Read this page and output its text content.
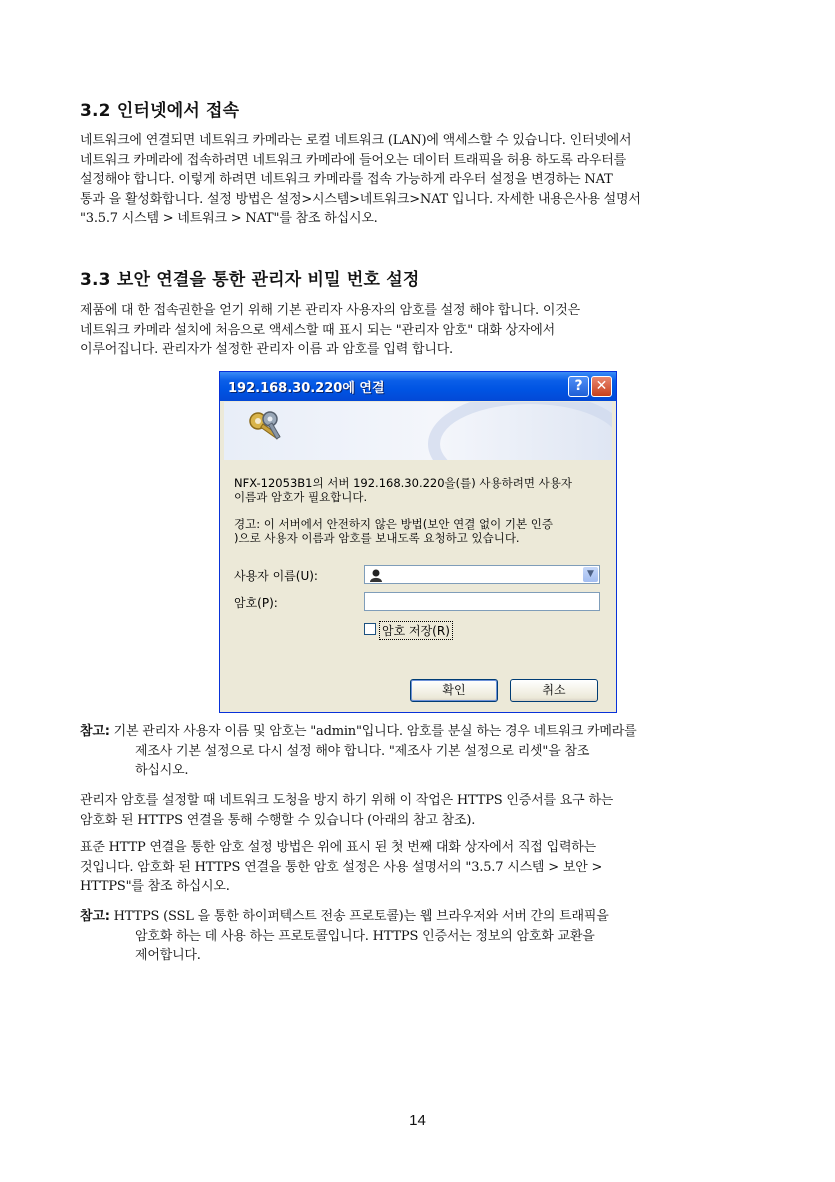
3.2 인터넷에서 접속
네트워크에 연결되면 네트워크 카메라는 로컬 네트워크 (LAN)에 액세스할 수 있습니다. 인터넷에서
네트워크 카메라에 접속하려면 네트워크 카메라에 들어오는 데이터 트래픽을 허용 하도록 라우터를
설정해야 합니다. 이렇게 하려면 네트워크 카메라를 접속 가능하게 라우터 설정을 변경하는 NAT
통과 을 활성화합니다. 설정 방법은 설정>시스템>네트워크>NAT 입니다. 자세한 내용은사용 설명서
"3.5.7 시스템 > 네트워크 > NAT"를 참조 하십시오.
3.3 보안 연결을 통한 관리자 비밀 번호 설정
제품에 대 한 접속권한을 얻기 위해 기본 관리자 사용자의 암호를 설정 해야 합니다. 이것은
네트워크 카메라 설치에 처음으로 액세스할 때 표시 되는 "관리자 암호" 대화 상자에서
이루어집니다. 관리자가 설정한 관리자 이름 과 암호를 입력 합니다.
192.168.30.220에 연결	? ✕
NFX-12053B1의 서버 192.168.30.220을(를) 사용하려면 사용자
이름과 암호가 필요합니다.
경고: 이 서버에서 안전하지 않은 방법(보안 연결 없이 기본 인증
)으로 사용자 이름과 암호를 보내도록 요청하고 있습니다.
사용자 이름(U):	▼
암호(P):
암호 저장(R)
확인	취소
참고: 기본 관리자 사용자 이름 및 암호는 "admin"입니다. 암호를 분실 하는 경우 네트워크 카메라를
제조사 기본 설정으로 다시 설정 해야 합니다. "제조사 기본 설정으로 리셋"을 참조
하십시오.
관리자 암호를 설정할 때 네트워크 도청을 방지 하기 위해 이 작업은 HTTPS 인증서를 요구 하는
암호화 된 HTTPS 연결을 통해 수행할 수 있습니다 (아래의 참고 참조).
표준 HTTP 연결을 통한 암호 설정 방법은 위에 표시 된 첫 번째 대화 상자에서 직접 입력하는
것입니다. 암호화 된 HTTPS 연결을 통한 암호 설정은 사용 설명서의 "3.5.7 시스템 > 보안 >
HTTPS"를 참조 하십시오.
참고: HTTPS (SSL 을 통한 하이퍼텍스트 전송 프로토콜)는 웹 브라우저와 서버 간의 트래픽을
암호화 하는 데 사용 하는 프로토콜입니다. HTTPS 인증서는 정보의 암호화 교환을
제어합니다.
14
